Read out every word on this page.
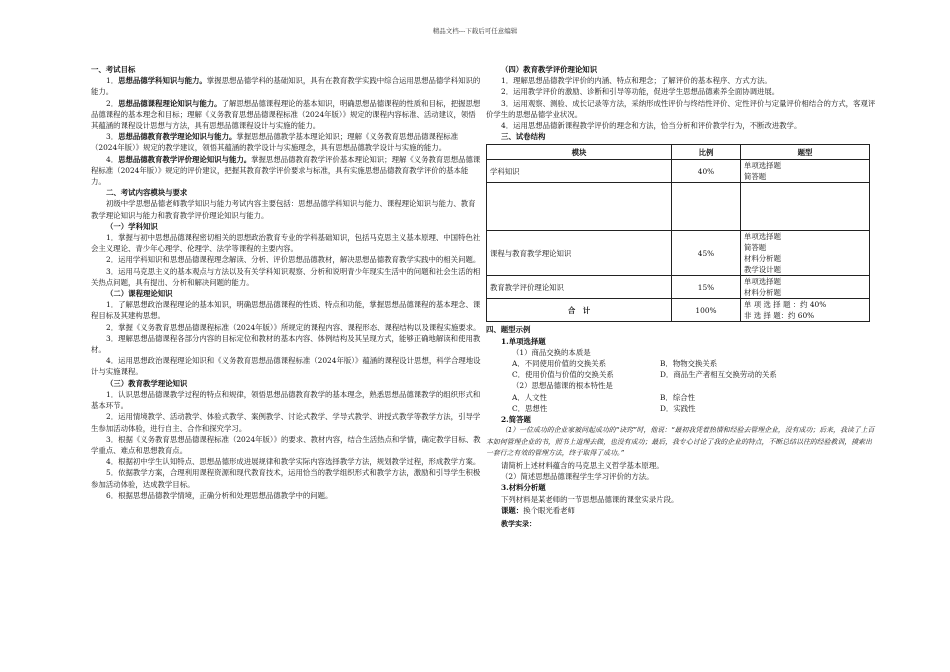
精品文档---下载后可任意编辑

一、考试目标

1．思想品德学科知识与能力。掌握思想品德学科的基础知识，具有在教育教学实践中综合运用思想品德学科知识的能力。

2．思想品德课程理论知识与能力。了解思想品德课程理论的基本知识，明确思想品德课程的性质和目标，把握思想品德课程的基本理念和目标；理解《义务教育思想品德课程标准（2024年版）》规定的课程内容标准、活动建议，领悟其蕴涵的课程设计思想与方法，具有思想品德课程设计与实施的能力。

3．思想品德教育教学理论知识与能力。掌握思想品德教学基本理论知识；理解《义务教育思想品德课程标准（2024年版）》规定的教学建议，领悟其蕴涵的教学设计与实施理念，具有思想品德教学设计与实施的能力。

4．思想品德教育教学评价理论知识与能力。掌握思想品德教育教学评价基本理论知识；理解《义务教育思想品德课程标准（2024年版）》规定的评价建议，把握其教育教学评价要求与标准，具有实施思想品德教育教学评价的基本能力。

二、考试内容模块与要求

初级中学思想品德老师教学知识与能力考试内容主要包括：思想品德学科知识与能力、课程理论知识与能力、教育教学理论知识与能力和教育教学评价理论知识与能力。

（一）学科知识

1．掌握与初中思想品德课程密切相关的思想政治教育专业的学科基础知识，包括马克思主义基本原理、中国特色社会主义理论、青少年心理学、伦理学、法学等课程的主要内容。

2．运用学科知识和思想品德课程理念解读、分析、评价思想品德教材，解决思想品德教育教学实践中的相关问题。

3．运用马克思主义的基本观点与方法以及有关学科知识观察、分析和说明青少年现实生活中的问题和社会生活的相关热点问题，具有提出、分析和解决问题的能力。

（二）课程理论知识

1．了解思想政治课程理论的基本知识，明确思想品德课程的性质、特点和功能，掌握思想品德课程的基本理念、课程目标及其建构思想。

2．掌握《义务教育思想品德课程标准（2024年版）》所规定的课程内容、课程形态、课程结构以及课程实施要求。

3．理解思想品德课程各部分内容的目标定位和教材的基本内容、体例结构及其呈现方式，能够正确地解读和使用教材。

4．运用思想政治课程理论知识和《义务教育思想品德课程标准（2024年版）》蕴涵的课程设计思想，科学合理地设计与实施课程。

（三）教育教学理论知识

1．认识思想品德课教学过程的特点和规律，领悟思想品德教育教学的基本理念，熟悉思想品德课教学的组织形式和基本环节。

2．运用情境教学、活动教学、体验式教学、案例教学、讨论式教学、学导式教学、讲授式教学等教学方法，引导学生参加活动体验，进行自主、合作和探究学习。

3．根据《义务教育思想品德课程标准（2024年版）》的要求、教材内容，结合生活热点和学情，确定教学目标、教学重点、难点和思想教育点。

4．根据初中学生认知特点、思想品德形成进展规律和教学实际内容选择教学方法，规划教学过程，形成教学方案。

5．依据教学方案，合理利用课程资源和现代教育技术，运用恰当的教学组织形式和教学方法，激励和引导学生积极参加活动体验，达成教学目标。

6．根据思想品德教学情境，正确分析和处理思想品德教学中的问题。

（四）教育教学评价理论知识

1．理解思想品德教学评价的内涵、特点和理念；了解评价的基本程序、方式方法。

2．运用教学评价的激励、诊断和引导等功能，促进学生思想品德素养全面协调进展。

3．运用观察、测验、成长记录等方法，采纳形成性评价与终结性评价、定性评价与定量评价相结合的方式，客观评价学生的思想品德学业状况。

4．运用思想品德新课程教学评价的理念和方法，恰当分析和评价教学行为，不断改进教学。

三、试卷结构

模块	比例	题型
学科知识	40%	单项选择题
简答题

课程与教育教学理论知识	45%	单项选择题
简答题
材料分析题
教学设计题

教育教学评价理论知识	15%	单项选择题
材料分析题

合　计	100%	单 项 选 择 题 ：约 40%
非 选 择 题：约 60%

四、题型示例

1.单项选择题

（1）商品交换的本质是

A．不同使用价值的交换关系	B．物物交换关系
C．使用价值与价值的交换关系	D．商品生产者相互交换劳动的关系

（2）思想品德课的根本特性是

A．人文性	B．综合性
C．思想性	D．实践性

2.简答题

（1）一位成功的企业家被问起成功的“诀窍”时，他说：“最初我凭着热情和经验去管理企业，没有成功；后来，我读了上百本如何管理企业的书，照书上道理去做，也没有成功；最后，我专心讨论了我的企业的特点，不断总结以往的经验教训，摸索出一套行之有效的管理方法，终于取得了成功。”

请简析上述材料蕴含的马克思主义哲学基本原理。

（2）简述思想品德课程学生学习评价的方法。

3.材料分析题

下列材料是某老师的一节思想品德课的课堂实录片段。

课题：换个眼光看老师

教学实录：
